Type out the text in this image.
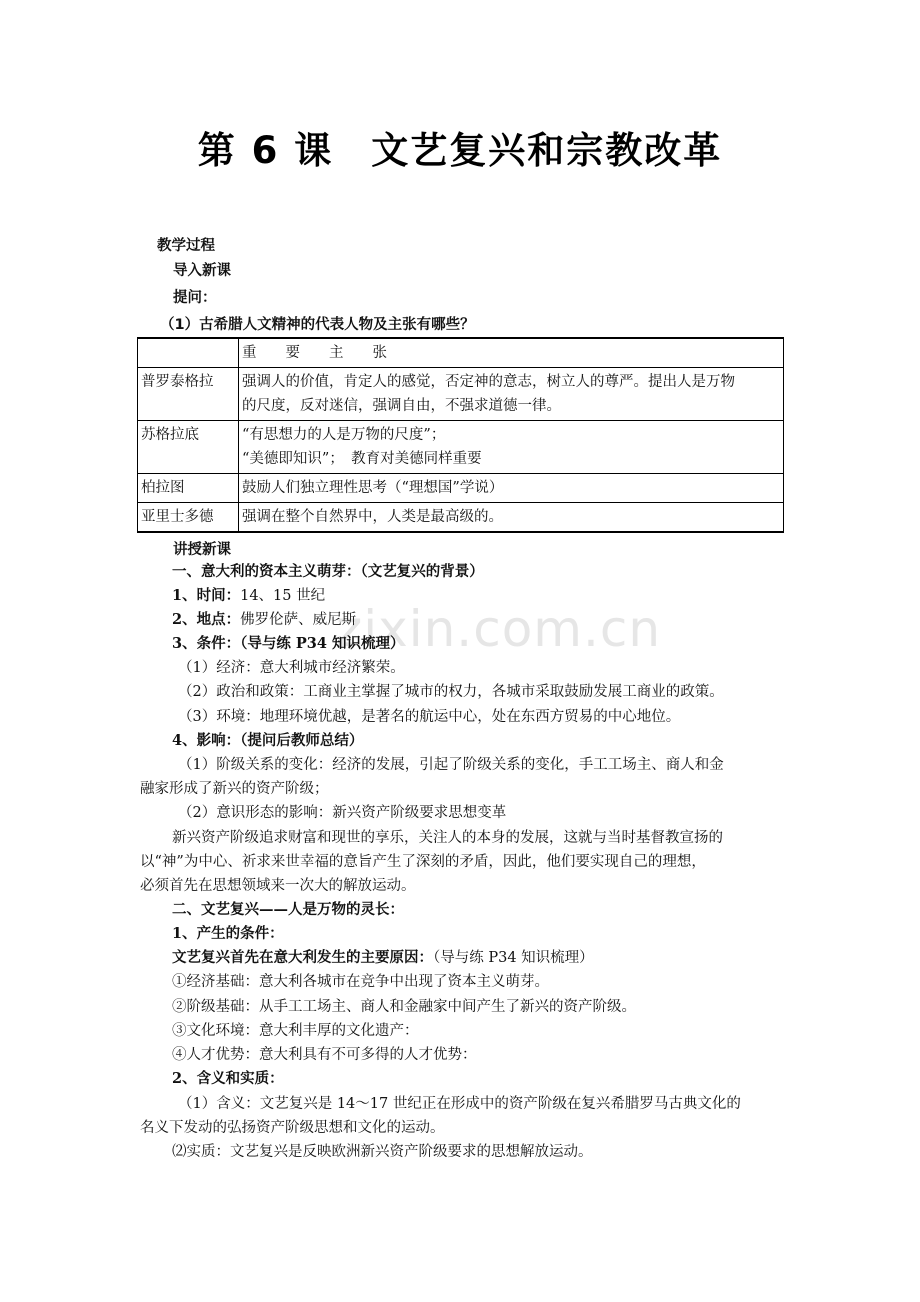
zixin.com.cn
第 6 课 文艺复兴和宗教改革
教学过程
导入新课
提问：
（1）古希腊人文精神的代表人物及主张有哪些？
	重　　要　　主　　张
普罗泰格拉	强调人的价值，肯定人的感觉，否定神的意志，树立人的尊严。提出人是万物
的尺度，反对迷信，强调自由，不强求道德一律。

苏格拉底	“有思想力的人是万物的尺度”；
“美德即知识”；　教育对美德同样重要

柏拉图	鼓励人们独立理性思考（“理想国”学说）

亚里士多德	强调在整个自然界中，人类是最高级的。
讲授新课
一、意大利的资本主义萌芽：（文艺复兴的背景）
1、时间：14、15 世纪
2、地点：佛罗伦萨、威尼斯
3、条件：（导与练 P34 知识梳理）
（1）经济：意大利城市经济繁荣。
（2）政治和政策：工商业主掌握了城市的权力，各城市采取鼓励发展工商业的政策。
（3）环境：地理环境优越，是著名的航运中心，处在东西方贸易的中心地位。
4、影响：（提问后教师总结）
（1）阶级关系的变化：经济的发展，引起了阶级关系的变化，手工工场主、商人和金
融家形成了新兴的资产阶级；
（2）意识形态的影响：新兴资产阶级要求思想变革
新兴资产阶级追求财富和现世的享乐，关注人的本身的发展，这就与当时基督教宣扬的
以“神”为中心、祈求来世幸福的意旨产生了深刻的矛盾，因此，他们要实现自己的理想，
必须首先在思想领域来一次大的解放运动。
二、文艺复兴——人是万物的灵长：
1、产生的条件：
文艺复兴首先在意大利发生的主要原因：（导与练 P34 知识梳理）
①经济基础：意大利各城市在竞争中出现了资本主义萌芽。
②阶级基础：从手工工场主、商人和金融家中间产生了新兴的资产阶级。
③文化环境：意大利丰厚的文化遗产：
④人才优势：意大利具有不可多得的人才优势：
2、含义和实质：
（1）含义：文艺复兴是 14～17 世纪正在形成中的资产阶级在复兴希腊罗马古典文化的
名义下发动的弘扬资产阶级思想和文化的运动。
⑵实质：文艺复兴是反映欧洲新兴资产阶级要求的思想解放运动。
